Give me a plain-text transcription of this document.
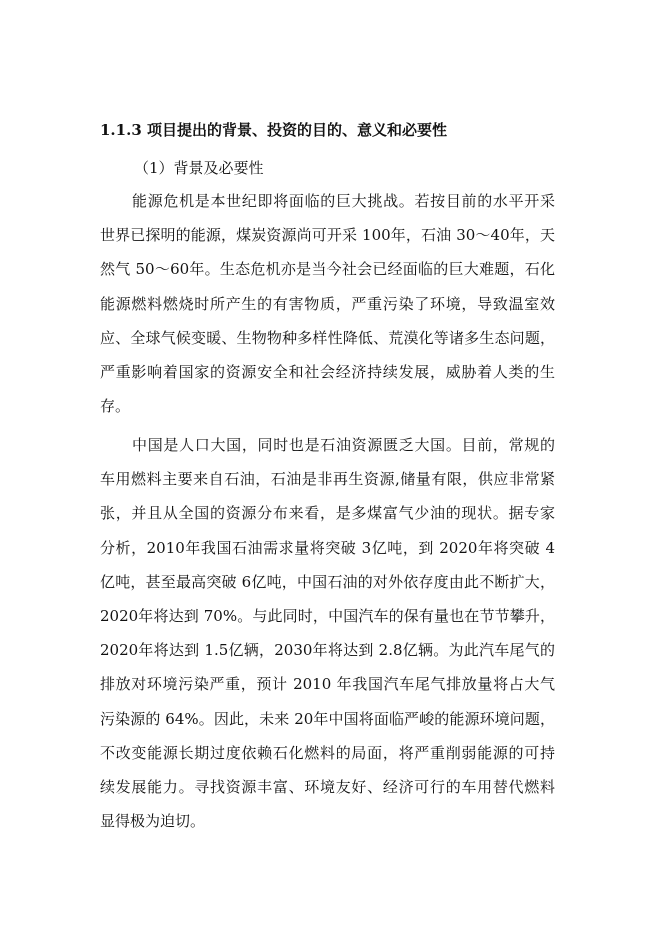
1.1.3 项目提出的背景、投资的目的、意义和必要性
（1）背景及必要性
能源危机是本世纪即将面临的巨大挑战。若按目前的水平开采
世界已探明的能源，煤炭资源尚可开采 100年，石油 30～40年，天
然气 50～60年。生态危机亦是当今社会已经面临的巨大难题，石化
能源燃料燃烧时所产生的有害物质，严重污染了环境，导致温室效
应、全球气候变暖、生物物种多样性降低、荒漠化等诸多生态问题，
严重影响着国家的资源安全和社会经济持续发展，威胁着人类的生
存。
中国是人口大国，同时也是石油资源匮乏大国。目前，常规的
车用燃料主要来自石油，石油是非再生资源,储量有限，供应非常紧
张，并且从全国的资源分布来看，是多煤富气少油的现状。据专家
分析，2010年我国石油需求量将突破 3亿吨，到 2020年将突破 4
亿吨，甚至最高突破 6亿吨，中国石油的对外依存度由此不断扩大，
2020年将达到 70%。与此同时，中国汽车的保有量也在节节攀升，
2020年将达到 1.5亿辆，2030年将达到 2.8亿辆。为此汽车尾气的
排放对环境污染严重，预计 2010 年我国汽车尾气排放量将占大气
污染源的 64%。因此，未来 20年中国将面临严峻的能源环境问题，
不改变能源长期过度依赖石化燃料的局面，将严重削弱能源的可持
续发展能力。寻找资源丰富、环境友好、经济可行的车用替代燃料
显得极为迫切。
